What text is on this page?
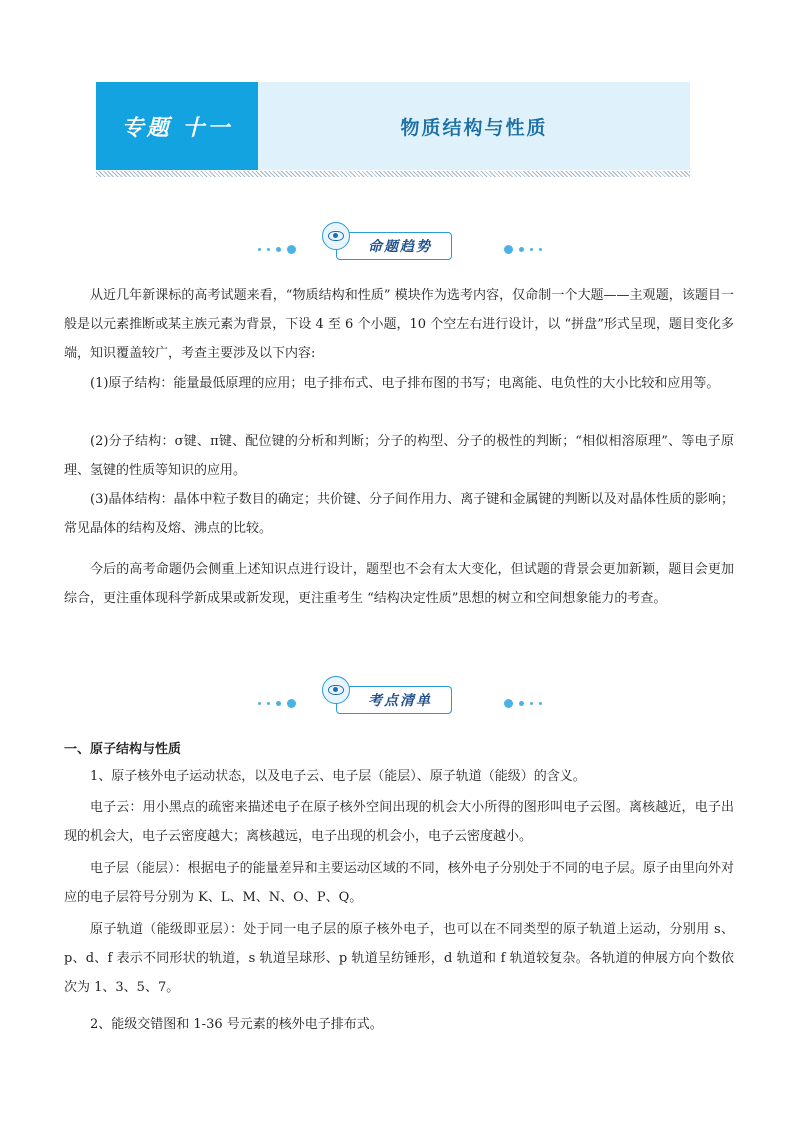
专题 十一	物质结构与性质
命题趋势

从近几年新课标的高考试题来看，“物质结构和性质” 模块作为选考内容，仅命制一个大题——主观题，该题目一般是以元素推断或某主族元素为背景，下设 4 至 6 个小题，10 个空左右进行设计，以 “拼盘”形式呈现，题目变化多端，知识覆盖较广，考查主要涉及以下内容:

(1)原子结构：能量最低原理的应用；电子排布式、电子排布图的书写；电离能、电负性的大小比较和应用等。

(2)分子结构：σ键、π键、配位键的分析和判断；分子的构型、分子的极性的判断；“相似相溶原理”、等电子原理、氢键的性质等知识的应用。

(3)晶体结构：晶体中粒子数目的确定；共价键、分子间作用力、离子键和金属键的判断以及对晶体性质的影响；常见晶体的结构及熔、沸点的比较。

今后的高考命题仍会侧重上述知识点进行设计，题型也不会有太大变化，但试题的背景会更加新颖，题目会更加综合，更注重体现科学新成果或新发现，更注重考生 “结构决定性质”思想的树立和空间想象能力的考查。

考点清单

一、原子结构与性质

1、原子核外电子运动状态，以及电子云、电子层（能层）、原子轨道（能级）的含义。

电子云：用小黑点的疏密来描述电子在原子核外空间出现的机会大小所得的图形叫电子云图。离核越近，电子出现的机会大，电子云密度越大；离核越远，电子出现的机会小，电子云密度越小。

电子层（能层）：根据电子的能量差异和主要运动区域的不同，核外电子分别处于不同的电子层。原子由里向外对应的电子层符号分别为 K、L、M、N、O、P、Q。

原子轨道（能级即亚层）：处于同一电子层的原子核外电子，也可以在不同类型的原子轨道上运动，分别用 s、p、d、f 表示不同形状的轨道，s 轨道呈球形、p 轨道呈纺锤形，d 轨道和 f 轨道较复杂。各轨道的伸展方向个数依次为 1、3、5、7。

2、能级交错图和 1-36 号元素的核外电子排布式。
